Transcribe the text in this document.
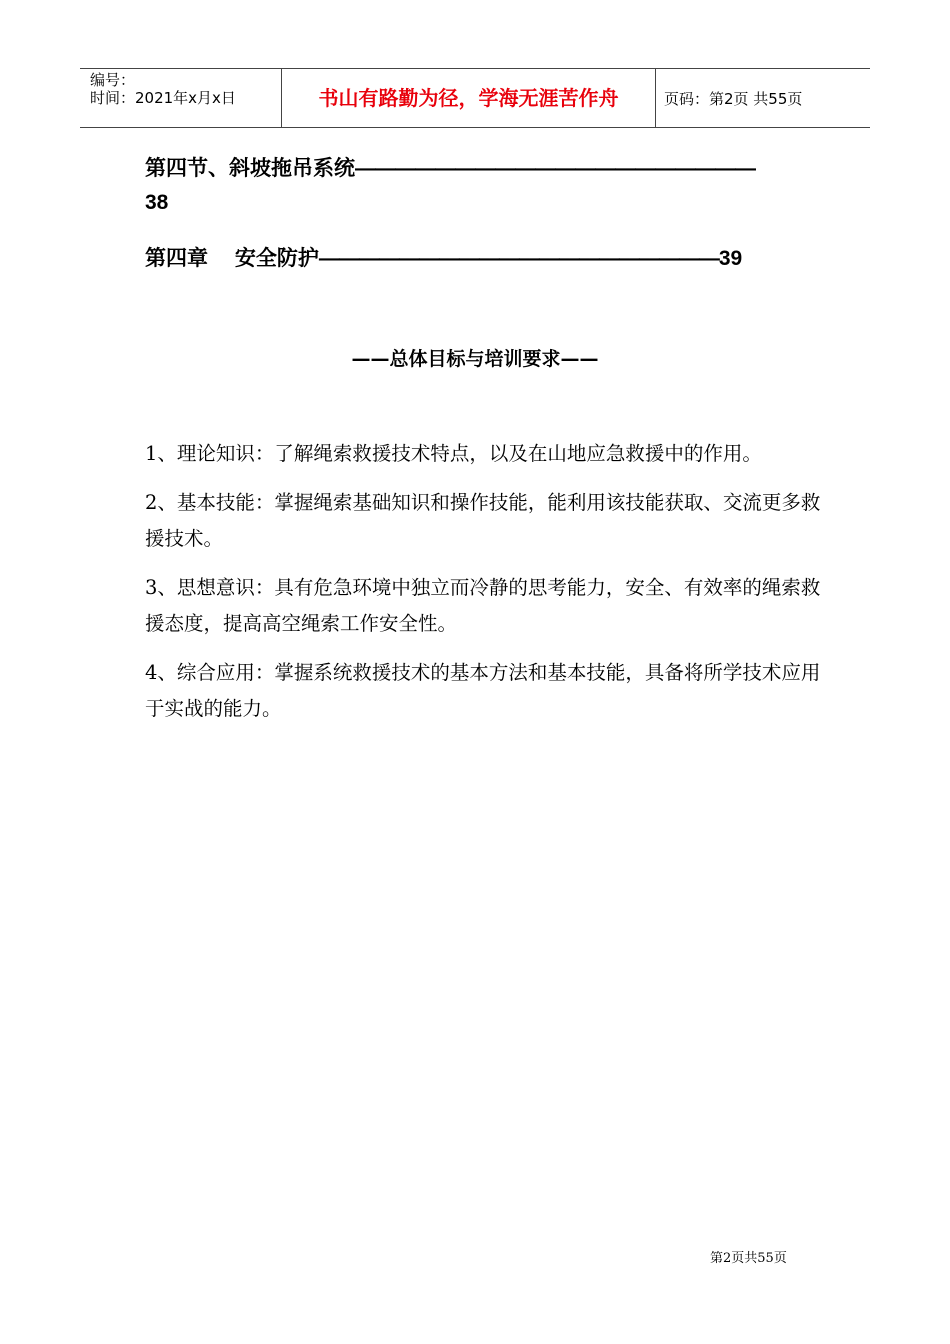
编号：
时间：2021年x月x日	书山有路勤为径，学海无涯苦作舟	页码：第2页 共55页
第四节、斜坡拖吊系统————————————————————
38
第四章　 安全防护————————————————————39
——总体目标与培训要求——

1、理论知识：了解绳索救援技术特点，以及在山地应急救援中的作用。

2、基本技能：掌握绳索基础知识和操作技能，能利用该技能获取、交流更多救援技术。

3、思想意识：具有危急环境中独立而冷静的思考能力，安全、有效率的绳索救援态度，提高高空绳索工作安全性。

4、综合应用：掌握系统救援技术的基本方法和基本技能，具备将所学技术应用于实战的能力。

第2页共55页
